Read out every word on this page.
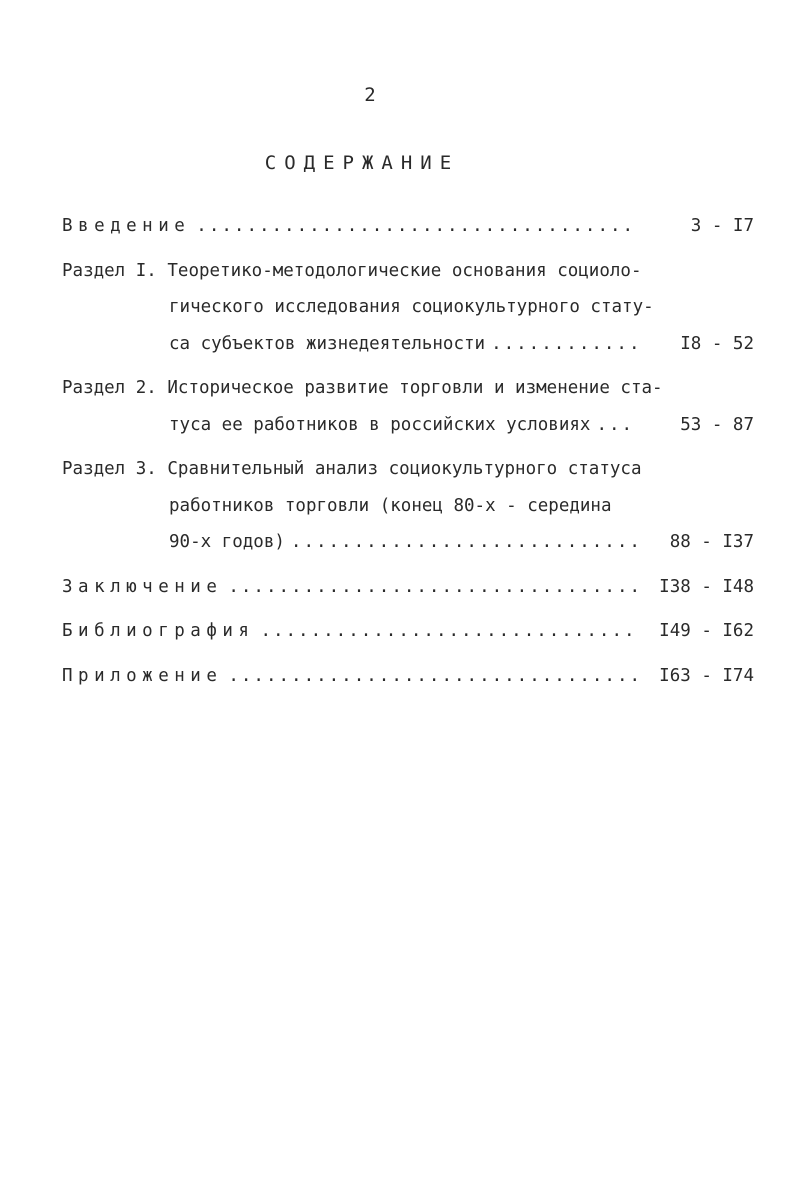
2
СОДЕРЖАНИЕ
Введение .....	3 - I7
Раздел I.
Теоретико-методологические основания социоло-
гического исследования социокультурного стату-
са субъектов жизнедеятельности .....	I8 - 52
Раздел 2.
Историческое развитие торговли и изменение ста-
туса ее работников в российских условиях .....	53 - 87
Раздел 3.
Сравнительный анализ социокультурного статуса
работников торговли (конец 80-х - середина
90-х годов) .....	88 - I37
Заключение .....	I38 - I48
Библиография .....	I49 - I62
Приложение .....	I63 - I74
